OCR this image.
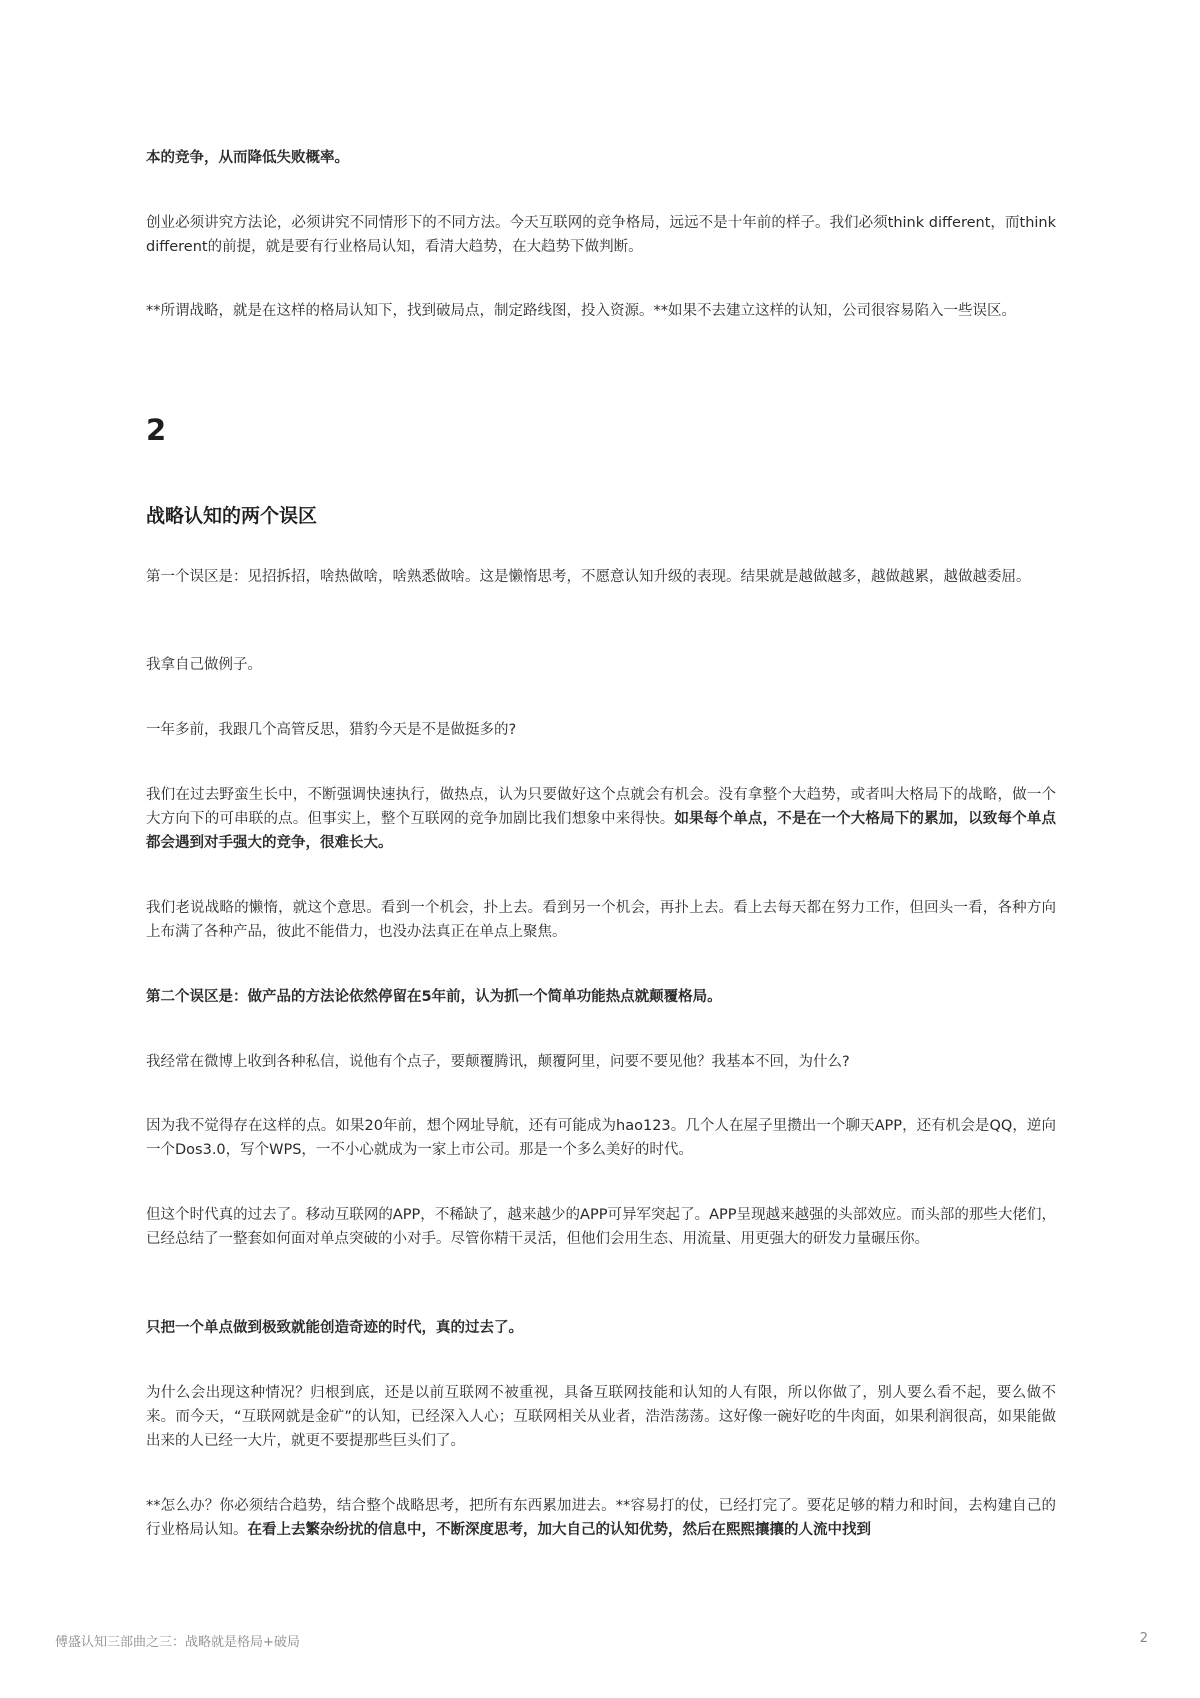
本的竞争，从而降低失败概率。

创业必须讲究方法论，必须讲究不同情形下的不同方法。今天互联网的竞争格局，远远不是十年前的样子。我们必须think different，而think different的前提，就是要有行业格局认知，看清大趋势，在大趋势下做判断。

**所谓战略，就是在这样的格局认知下，找到破局点，制定路线图，投入资源。**如果不去建立这样的认知，公司很容易陷入一些误区。

2
战略认知的两个误区

第一个误区是：见招拆招，啥热做啥，啥熟悉做啥。这是懒惰思考，不愿意认知升级的表现。结果就是越做越多，越做越累，越做越委屈。

我拿自己做例子。

一年多前，我跟几个高管反思，猎豹今天是不是做挺多的?

我们在过去野蛮生长中，不断强调快速执行，做热点，认为只要做好这个点就会有机会。没有拿整个大趋势，或者叫大格局下的战略，做一个大方向下的可串联的点。但事实上，整个互联网的竞争加剧比我们想象中来得快。如果每个单点，不是在一个大格局下的累加，以致每个单点都会遇到对手强大的竞争，很难长大。

我们老说战略的懒惰，就这个意思。看到一个机会，扑上去。看到另一个机会，再扑上去。看上去每天都在努力工作，但回头一看，各种方向上布满了各种产品，彼此不能借力，也没办法真正在单点上聚焦。

第二个误区是：做产品的方法论依然停留在5年前，认为抓一个简单功能热点就颠覆格局。

我经常在微博上收到各种私信，说他有个点子，要颠覆腾讯，颠覆阿里，问要不要见他？我基本不回，为什么?

因为我不觉得存在这样的点。如果20年前，想个网址导航，还有可能成为hao123。几个人在屋子里攒出一个聊天APP，还有机会是QQ，逆向一个Dos3.0，写个WPS，一不小心就成为一家上市公司。那是一个多么美好的时代。

但这个时代真的过去了。移动互联网的APP，不稀缺了，越来越少的APP可异军突起了。APP呈现越来越强的头部效应。而头部的那些大佬们，已经总结了一整套如何面对单点突破的小对手。尽管你精干灵活，但他们会用生态、用流量、用更强大的研发力量碾压你。

只把一个单点做到极致就能创造奇迹的时代，真的过去了。

为什么会出现这种情况？归根到底，还是以前互联网不被重视，具备互联网技能和认知的人有限，所以你做了，别人要么看不起，要么做不来。而今天，“互联网就是金矿”的认知，已经深入人心；互联网相关从业者，浩浩荡荡。这好像一碗好吃的牛肉面，如果利润很高，如果能做出来的人已经一大片，就更不要提那些巨头们了。

**怎么办？你必须结合趋势，结合整个战略思考，把所有东西累加进去。**容易打的仗，已经打完了。要花足够的精力和时间，去构建自己的行业格局认知。在看上去繁杂纷扰的信息中，不断深度思考，加大自己的认知优势，然后在熙熙攘攘的人流中找到

傅盛认知三部曲之三：战略就是格局+破局	2
